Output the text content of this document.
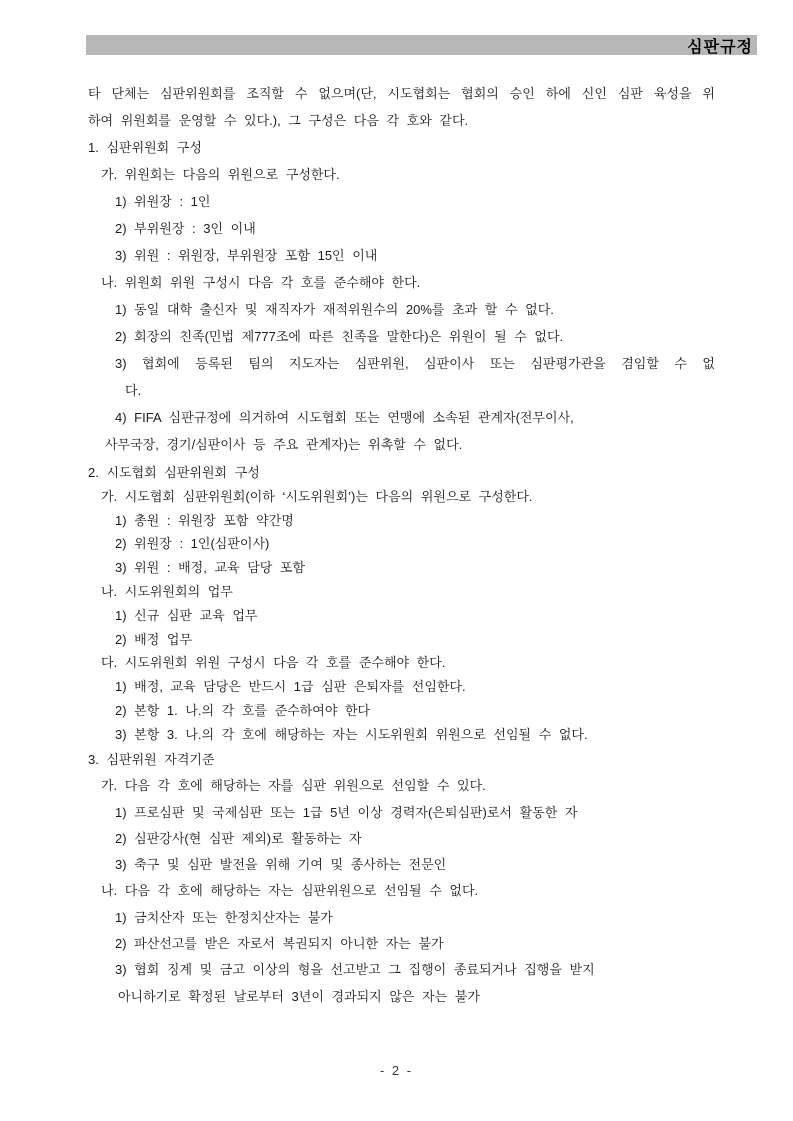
심판규정
타 단체는 심판위원회를 조직할 수 없으며(단, 시도협회는 협회의 승인 하에 신인 심판 육성을 위
하여 위원회를 운영할 수 있다.), 그 구성은 다음 각 호와 같다.
1. 심판위원회 구성
가. 위원회는 다음의 위원으로 구성한다.
1) 위원장 : 1인
2) 부위원장 : 3인 이내
3) 위원 : 위원장, 부위원장 포함 15인 이내
나. 위원회 위원 구성시 다음 각 호를 준수해야 한다.
1) 동일 대학 출신자 및 재직자가 재적위원수의 20%를 초과 할 수 없다.
2) 회장의 친족(민법 제777조에 따른 친족을 말한다)은 위원이 될 수 없다.
3) 협회에 등록된 팀의 지도자는 심판위원, 심판이사 또는 심판평가관을 겸임할 수 없
다.
4) FIFA 심판규정에 의거하여 시도협회 또는 연맹에 소속된 관계자(전무이사,
사무국장, 경기/심판이사 등 주요 관계자)는 위촉할 수 없다.
2. 시도협회 심판위원회 구성
가. 시도협회 심판위원회(이하 ‘시도위원회’)는 다음의 위원으로 구성한다.
1) 총원 : 위원장 포함 약간명
2) 위원장 : 1인(심판이사)
3) 위원 : 배정, 교육 담당 포함
나. 시도위원회의 업무
1) 신규 심판 교육 업무
2) 배정 업무
다. 시도위원회 위원 구성시 다음 각 호를 준수해야 한다.
1) 배정, 교육 담당은 반드시 1급 심판 은퇴자를 선임한다.
2) 본항 1. 나.의 각 호를 준수하여야 한다
3) 본항 3. 나.의 각 호에 해당하는 자는 시도위원회 위원으로 선임될 수 없다.
3. 심판위원 자격기준
가. 다음 각 호에 해당하는 자를 심판 위원으로 선임할 수 있다.
1) 프로심판 및 국제심판 또는 1급 5년 이상 경력자(은퇴심판)로서 활동한 자
2) 심판강사(현 심판 제외)로 활동하는 자
3) 축구 및 심판 발전을 위해 기여 및 종사하는 전문인
나. 다음 각 호에 해당하는 자는 심판위원으로 선임될 수 없다.
1) 금치산자 또는 한정치산자는 불가
2) 파산선고를 받은 자로서 복권되지 아니한 자는 불가
3) 협회 징계 및 금고 이상의 형을 선고받고 그 집행이 종료되거나 집행을 받지
아니하기로 확정된 날로부터 3년이 경과되지 않은 자는 불가
- 2 -
